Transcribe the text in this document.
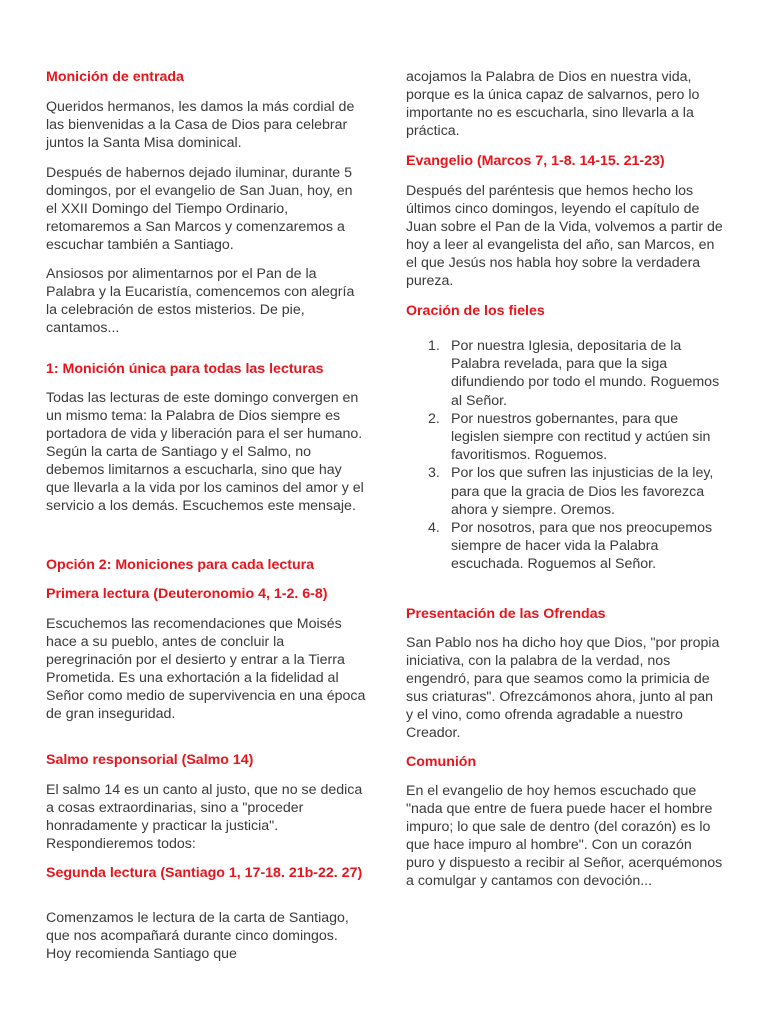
Monición de entrada

Queridos hermanos, les damos la más cordial de las bienvenidas a la Casa de Dios para celebrar juntos la Santa Misa dominical.

Después de habernos dejado iluminar, durante 5 domingos, por el evangelio de San Juan, hoy, en el XXII Domingo del Tiempo Ordinario, retomaremos a San Marcos y comenzaremos a escuchar también a Santiago.

Ansiosos por alimentarnos por el Pan de la Palabra y la Eucaristía, comencemos con alegría la celebración de estos misterios. De pie, cantamos...

1: Monición única para todas las lecturas

Todas las lecturas de este domingo convergen en un mismo tema: la Palabra de Dios siempre es portadora de vida y liberación para el ser humano. Según la carta de Santiago y el Salmo, no debemos limitarnos a escucharla, sino que hay que llevarla a la vida por los caminos del amor y el servicio a los demás. Escuchemos este mensaje.

Opción 2: Moniciones para cada lectura
Primera lectura (Deuteronomio 4, 1-2. 6-8)

Escuchemos las recomendaciones que Moisés hace a su pueblo, antes de concluir la peregrinación por el desierto y entrar a la Tierra Prometida. Es una exhortación a la fidelidad al Señor como medio de supervivencia en una época de gran inseguridad.

Salmo responsorial (Salmo 14)

El salmo 14 es un canto al justo, que no se dedica a cosas extraordinarias, sino a "proceder honradamente y practicar la justicia". Respondieremos todos:

Segunda lectura (Santiago 1, 17-18. 21b-22. 27)

Comenzamos le lectura de la carta de Santiago, que nos acompañará durante cinco domingos. Hoy recomienda Santiago que

acojamos la Palabra de Dios en nuestra vida, porque es la única capaz de salvarnos, pero lo importante no es escucharla, sino llevarla a la práctica.

Evangelio (Marcos 7, 1-8. 14-15. 21-23)

Después del paréntesis que hemos hecho los últimos cinco domingos, leyendo el capítulo de Juan sobre el Pan de la Vida, volvemos a partir de hoy a leer al evangelista del año, san Marcos, en el que Jesús nos habla hoy sobre la verdadera pureza.

Oración de los fieles
1. Por nuestra Iglesia, depositaria de la Palabra revelada, para que la siga difundiendo por todo el mundo. Roguemos al Señor.
2. Por nuestros gobernantes, para que legislen siempre con rectitud y actúen sin favoritismos. Roguemos.
3. Por los que sufren las injusticias de la ley, para que la gracia de Dios les favorezca ahora y siempre. Oremos.
4. Por nosotros, para que nos preocupemos siempre de hacer vida la Palabra escuchada. Roguemos al Señor.
Presentación de las Ofrendas

San Pablo nos ha dicho hoy que Dios, "por propia iniciativa, con la palabra de la verdad, nos engendró, para que seamos como la primicia de sus criaturas". Ofrezcámonos ahora, junto al pan y el vino, como ofrenda agradable a nuestro Creador.

Comunión

En el evangelio de hoy hemos escuchado que "nada que entre de fuera puede hacer el hombre impuro; lo que sale de dentro (del corazón) es lo que hace impuro al hombre". Con un corazón puro y dispuesto a recibir al Señor, acerquémonos a comulgar y cantamos con devoción...
